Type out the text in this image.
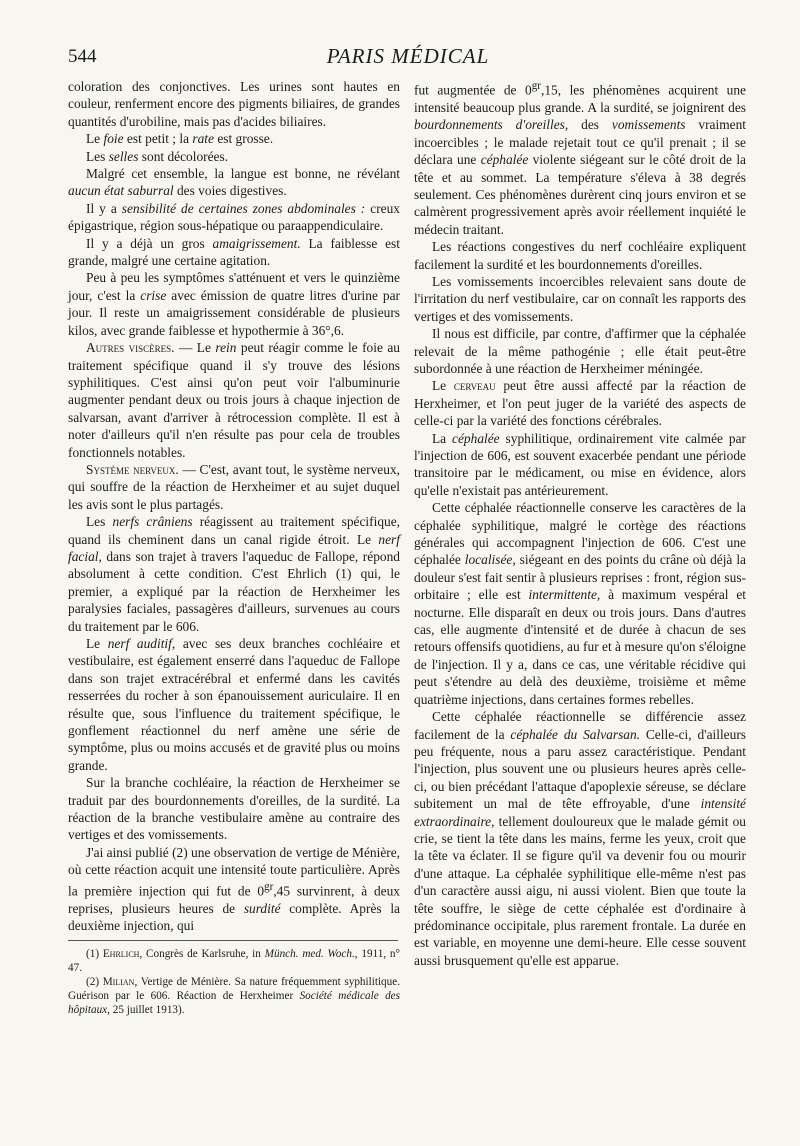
544	PARIS MÉDICAL

coloration des conjonctives. Les urines sont hautes en couleur, renferment encore des pigments biliaires, de grandes quantités d'urobiline, mais pas d'acides biliaires.

Le foie est petit ; la rate est grosse.

Les selles sont décolorées.

Malgré cet ensemble, la langue est bonne, ne révélant aucun état saburral des voies digestives.

Il y a sensibilité de certaines zones abdominales : creux épigastrique, région sous-hépatique ou paraappendiculaire.

Il y a déjà un gros amaigrissement. La faiblesse est grande, malgré une certaine agitation.

Peu à peu les symptômes s'atténuent et vers le quinzième jour, c'est la crise avec émission de quatre litres d'urine par jour. Il reste un amaigrissement considérable de plusieurs kilos, avec grande faiblesse et hypothermie à 36°,6.

Autres viscères. — Le rein peut réagir comme le foie au traitement spécifique quand il s'y trouve des lésions syphilitiques. C'est ainsi qu'on peut voir l'albuminurie augmenter pendant deux ou trois jours à chaque injection de salvarsan, avant d'arriver à rétrocession complète. Il est à noter d'ailleurs qu'il n'en résulte pas pour cela de troubles fonctionnels notables.

Système nerveux. — C'est, avant tout, le système nerveux, qui souffre de la réaction de Herxheimer et au sujet duquel les avis sont le plus partagés.

Les nerfs crâniens réagissent au traitement spécifique, quand ils cheminent dans un canal rigide étroit. Le nerf facial, dans son trajet à travers l'aqueduc de Fallope, répond absolument à cette condition. C'est Ehrlich (1) qui, le premier, a expliqué par la réaction de Herxheimer les paralysies faciales, passagères d'ailleurs, survenues au cours du traitement par le 606.

Le nerf auditif, avec ses deux branches cochléaire et vestibulaire, est également enserré dans l'aqueduc de Fallope dans son trajet extracérébral et enfermé dans les cavités resserrées du rocher à son épanouissement auriculaire. Il en résulte que, sous l'influence du traitement spécifique, le gonflement réactionnel du nerf amène une série de symptôme, plus ou moins accusés et de gravité plus ou moins grande.

Sur la branche cochléaire, la réaction de Herxheimer se traduit par des bourdonnements d'oreilles, de la surdité. La réaction de la branche vestibulaire amène au contraire des vertiges et des vomissements.

J'ai ainsi publié (2) une observation de vertige de Ménière, où cette réaction acquit une intensité toute particulière. Après la première injection qui fut de $0^{gr},45$ survinrent, à deux reprises, plusieurs heures de surdité complète. Après la deuxième injection, qui

(1) Ehrlich, Congrès de Karlsruhe, in Münch. med. Woch., 1911, n° 47.

(2) Milian, Vertige de Ménière. Sa nature fréquemment syphilitique. Guérison par le 606. Réaction de Herxheimer Société médicale des hôpitaux, 25 juillet 1913).

fut augmentée de $0^{gr},15$, les phénomènes acquirent une intensité beaucoup plus grande. A la surdité, se joignirent des bourdonnements d'oreilles, des vomissements vraiment incoercibles ; le malade rejetait tout ce qu'il prenait ; il se déclara une céphalée violente siégeant sur le côté droit de la tête et au sommet. La température s'éleva à 38 degrés seulement. Ces phénomènes durèrent cinq jours environ et se calmèrent progressivement après avoir réellement inquiété le médecin traitant.

Les réactions congestives du nerf cochléaire expliquent facilement la surdité et les bourdonnements d'oreilles.

Les vomissements incoercibles relevaient sans doute de l'irritation du nerf vestibulaire, car on connaît les rapports des vertiges et des vomissements.

Il nous est difficile, par contre, d'affirmer que la céphalée relevait de la même pathogénie ; elle était peut-être subordonnée à une réaction de Herxheimer méningée.

Le cerveau peut être aussi affecté par la réaction de Herxheimer, et l'on peut juger de la variété des aspects de celle-ci par la variété des fonctions cérébrales.

La céphalée syphilitique, ordinairement vite calmée par l'injection de 606, est souvent exacerbée pendant une période transitoire par le médicament, ou mise en évidence, alors qu'elle n'existait pas antérieurement.

Cette céphalée réactionnelle conserve les caractères de la céphalée syphilitique, malgré le cortège des réactions générales qui accompagnent l'injection de 606. C'est une céphalée localisée, siégeant en des points du crâne où déjà la douleur s'est fait sentir à plusieurs reprises : front, région sus-orbitaire ; elle est intermittente, à maximum vespéral et nocturne. Elle disparaît en deux ou trois jours. Dans d'autres cas, elle augmente d'intensité et de durée à chacun de ses retours offensifs quotidiens, au fur et à mesure qu'on s'éloigne de l'injection. Il y a, dans ce cas, une véritable récidive qui peut s'étendre au delà des deuxième, troisième et même quatrième injections, dans certaines formes rebelles.

Cette céphalée réactionnelle se différencie assez facilement de la céphalée du Salvarsan. Celle-ci, d'ailleurs peu fréquente, nous a paru assez caractéristique. Pendant l'injection, plus souvent une ou plusieurs heures après celle-ci, ou bien précédant l'attaque d'apoplexie séreuse, se déclare subitement un mal de tête effroyable, d'une intensité extraordinaire, tellement douloureux que le malade gémit ou crie, se tient la tête dans les mains, ferme les yeux, croit que la tête va éclater. Il se figure qu'il va devenir fou ou mourir d'une attaque. La céphalée syphilitique elle-même n'est pas d'un caractère aussi aigu, ni aussi violent. Bien que toute la tête souffre, le siège de cette céphalée est d'ordinaire à prédominance occipitale, plus rarement frontale. La durée en est variable, en moyenne une demi-heure. Elle cesse souvent aussi brusquement qu'elle est apparue.
